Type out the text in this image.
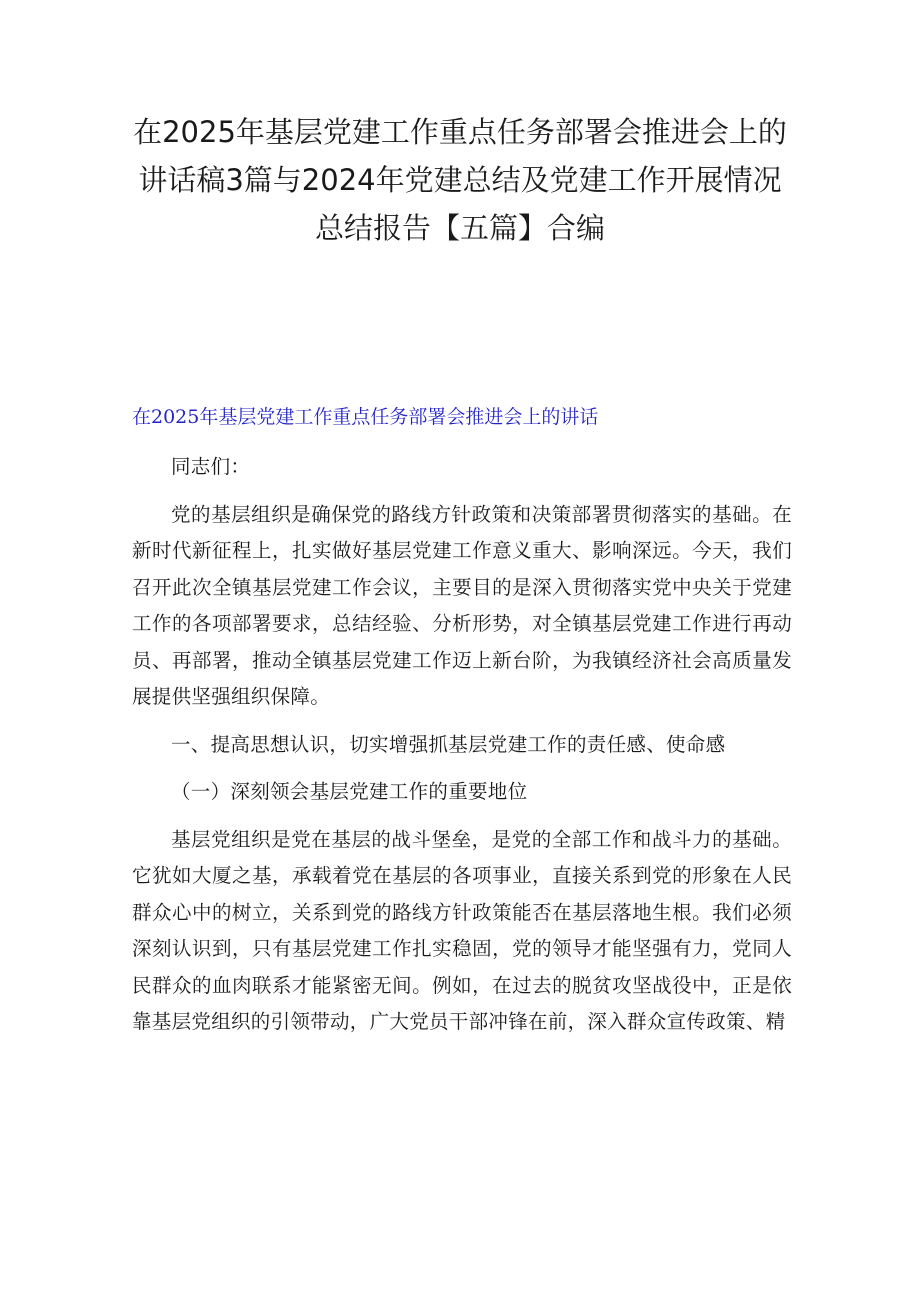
在2025年基层党建工作重点任务部署会推进会上的
讲话稿3篇与2024年党建总结及党建工作开展情况
总结报告【五篇】合编
在2025年基层党建工作重点任务部署会推进会上的讲话

同志们：

党的基层组织是确保党的路线方针政策和决策部署贯彻落实的基础。在新时代新征程上，扎实做好基层党建工作意义重大、影响深远。今天，我们召开此次全镇基层党建工作会议，主要目的是深入贯彻落实党中央关于党建工作的各项部署要求，总结经验、分析形势，对全镇基层党建工作进行再动员、再部署，推动全镇基层党建工作迈上新台阶，为我镇经济社会高质量发展提供坚强组织保障。

一、提高思想认识，切实增强抓基层党建工作的责任感、使命感

（一）深刻领会基层党建工作的重要地位

基层党组织是党在基层的战斗堡垒，是党的全部工作和战斗力的基础。它犹如大厦之基，承载着党在基层的各项事业，直接关系到党的形象在人民群众心中的树立，关系到党的路线方针政策能否在基层落地生根。我们必须深刻认识到，只有基层党建工作扎实稳固，党的领导才能坚强有力，党同人民群众的血肉联系才能紧密无间。例如，在过去的脱贫攻坚战役中，正是依靠基层党组织的引领带动，广大党员干部冲锋在前，深入群众宣传政策、精
